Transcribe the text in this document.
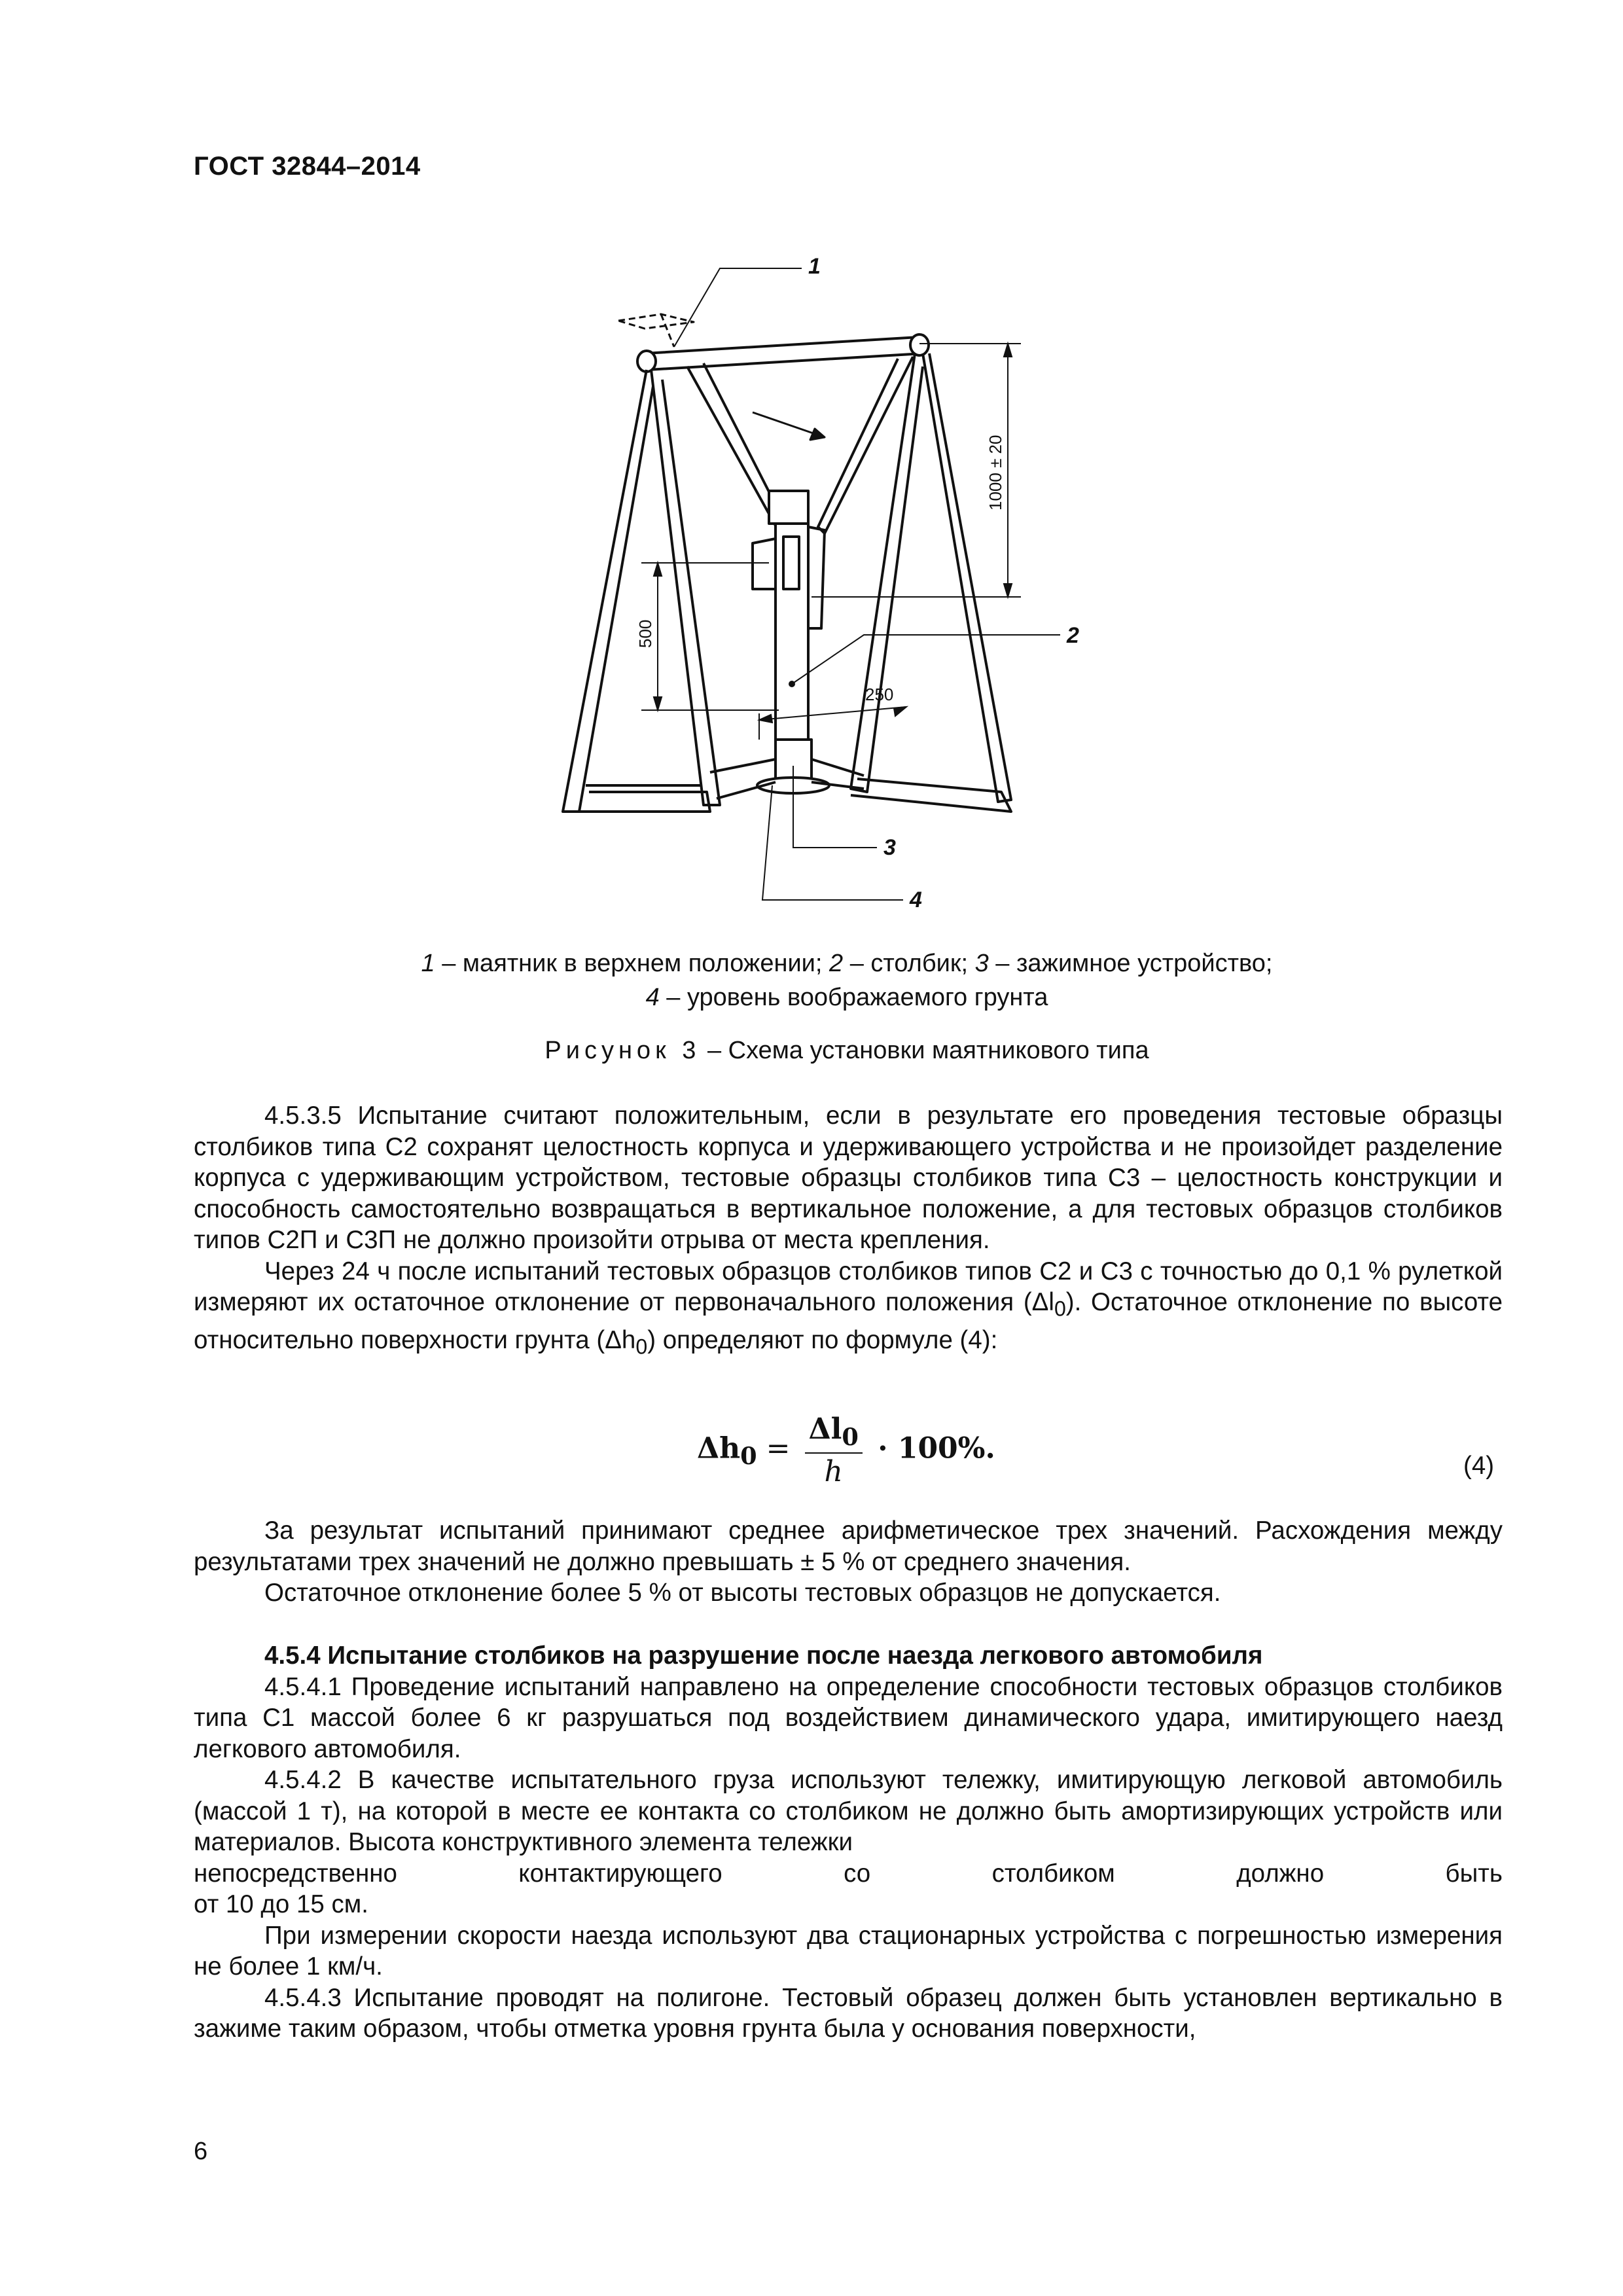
ГОСТ 32844–2014
1
2
3
4
1000 ± 20
500
250
1 – маятник в верхнем положении; 2 – столбик; 3 – зажимное устройство;
4 – уровень воображаемого грунта
Рисунок 3 – Схема установки маятникового типа

4.5.3.5 Испытание считают положительным, если в результате его проведения тестовые образцы столбиков типа С2 сохранят целостность корпуса и удерживающего устройства и не произойдет разделение корпуса с удерживающим устройством, тестовые образцы столбиков типа С3 – целостность конструкции и способность самостоятельно возвращаться в вертикальное положение, а для тестовых образцов столбиков типов С2П и С3П не должно произойти отрыва от места крепления.

Через 24 ч после испытаний тестовых образцов столбиков типов С2 и С3 с точностью до 0,1 % рулеткой измеряют их остаточное отклонение от первоначального положения $(\Delta l_0)$. Остаточное отклонение по высоте относительно поверхности грунта $(\Delta h_0)$ определяют по формуле (4):

$\Delta h_0 = \frac{\Delta l_0}{h} \cdot 100\%$.
(4)

За результат испытаний принимают среднее арифметическое трех значений. Расхождения между результатами трех значений не должно превышать ± 5 % от среднего значения.

Остаточное отклонение более 5 % от высоты тестовых образцов не допускается.

4.5.4 Испытание столбиков на разрушение после наезда легкового автомобиля

4.5.4.1 Проведение испытаний направлено на определение способности тестовых образцов столбиков типа С1 массой более 6 кг разрушаться под воздействием динамического удара, имитирующего наезд легкового автомобиля.

4.5.4.2 В качестве испытательного груза используют тележку, имитирующую легковой автомобиль (массой 1 т), на которой в месте ее контакта со столбиком не должно быть амортизирующих устройств или материалов. Высота конструктивного элемента тележки

непосредственно	контактирующего	со	столбиком	должно	быть

от 10 до 15 см.

При измерении скорости наезда используют два стационарных устройства с погрешностью измерения не более 1 км/ч.

4.5.4.3 Испытание проводят на полигоне. Тестовый образец должен быть установлен вертикально в зажиме таким образом, чтобы отметка уровня грунта была у основания поверхности,

6
